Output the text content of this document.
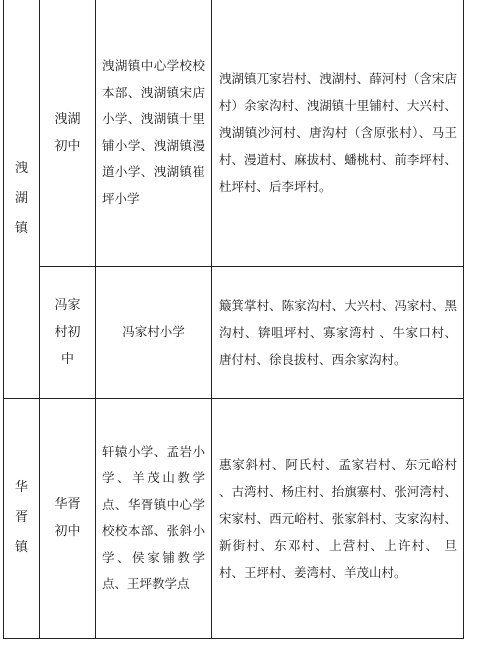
洩湖镇	洩湖初中	洩湖镇中心学校校本部、洩湖镇宋店小学、洩湖镇十里铺小学、洩湖镇漫道小学、洩湖镇崔坪小学	洩湖镇兀家岩村、洩湖村、薛河村（含宋店村）余家沟村、洩湖镇十里铺村、大兴村、洩湖镇沙河村、唐沟村（含原张村）、马王村、漫道村、麻拔村、蟠桃村、前李坪村、杜坪村、后李坪村。

	冯家村初中	冯家村小学	簸箕掌村、陈家沟村、大兴村、冯家村、黑沟村、锛咀坪村、寡家湾村 、牛家口村、唐付村、徐良拔村、西余家沟村。

华胥镇	华胥初中	轩辕小学、孟岩小学、羊茂山教学点、华胥镇中心学校校本部、张斜小学、侯家铺教学点、王坪教学点	惠家斜村、阿氏村、孟家岩村、东元峪村 、古湾村、杨庄村、抬旗寨村、张河湾村、宋家村、西元峪村、张家斜村、支家沟村、新街村、东邓村、上营村、上许村、 旦村、王坪村、姜湾村、羊茂山村。
